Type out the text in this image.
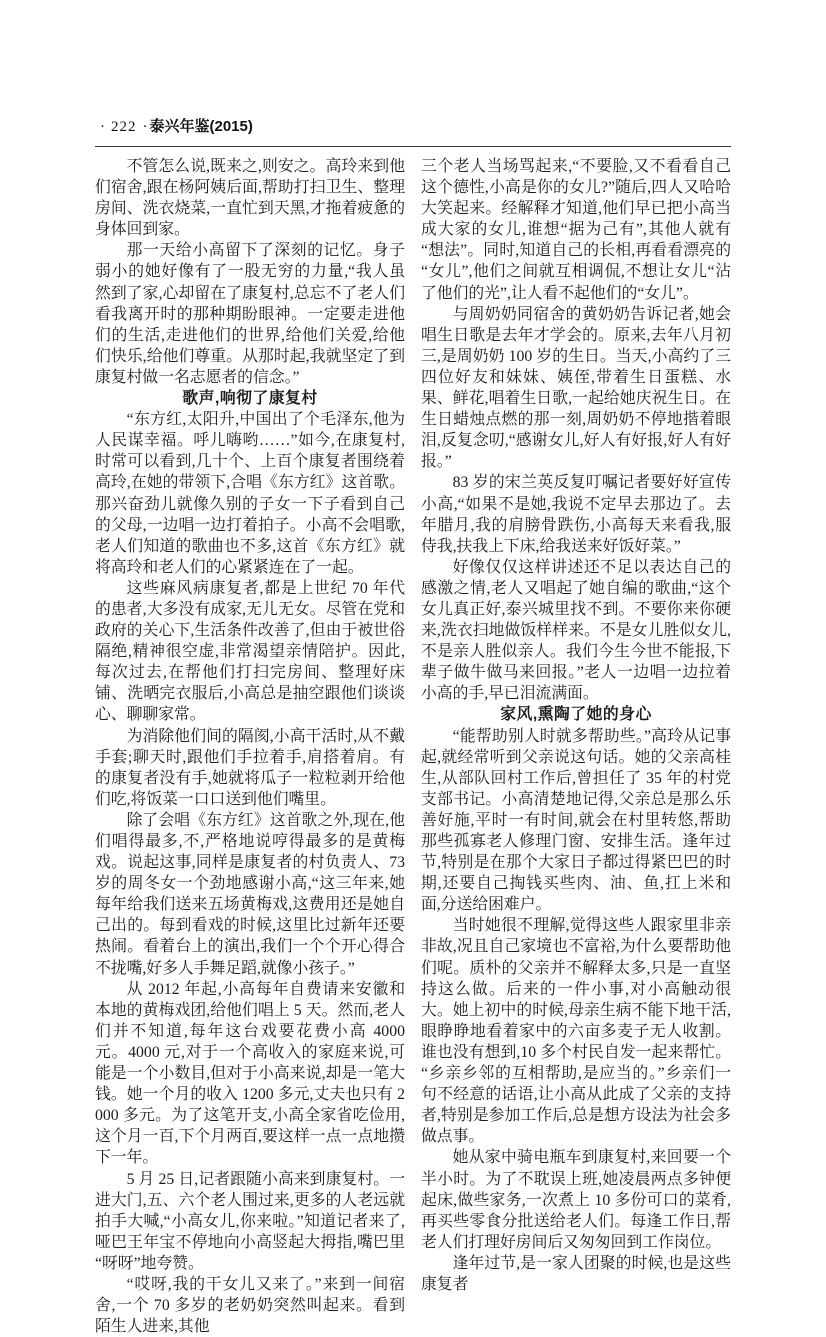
· 222 · 泰兴年鉴(2015)

不管怎么说,既来之,则安之。高玲来到他们宿舍,跟在杨阿姨后面,帮助打扫卫生、整理房间、洗衣烧菜,一直忙到天黑,才拖着疲惫的身体回到家。

那一天给小高留下了深刻的记忆。身子弱小的她好像有了一股无穷的力量,“我人虽然到了家,心却留在了康复村,总忘不了老人们看我离开时的那种期盼眼神。一定要走进他们的生活,走进他们的世界,给他们关爱,给他们快乐,给他们尊重。从那时起,我就坚定了到康复村做一名志愿者的信念。”

歌声,响彻了康复村

“东方红,太阳升,中国出了个毛泽东,他为人民谋幸福。呼儿嗨哟……”如今,在康复村,时常可以看到,几十个、上百个康复者围绕着高玲,在她的带领下,合唱《东方红》这首歌。那兴奋劲儿就像久别的子女一下子看到自己的父母,一边唱一边打着拍子。小高不会唱歌,老人们知道的歌曲也不多,这首《东方红》就将高玲和老人们的心紧紧连在了一起。

这些麻风病康复者,都是上世纪 70 年代的患者,大多没有成家,无儿无女。尽管在党和政府的关心下,生活条件改善了,但由于被世俗隔绝,精神很空虚,非常渴望亲情陪护。因此,每次过去,在帮他们打扫完房间、整理好床铺、洗晒完衣服后,小高总是抽空跟他们谈谈心、聊聊家常。

为消除他们间的隔阂,小高干活时,从不戴手套;聊天时,跟他们手拉着手,肩搭着肩。有的康复者没有手,她就将瓜子一粒粒剥开给他们吃,将饭菜一口口送到他们嘴里。

除了会唱《东方红》这首歌之外,现在,他们唱得最多,不,严格地说哼得最多的是黄梅戏。说起这事,同样是康复者的村负责人、73 岁的周冬女一个劲地感谢小高,“这三年来,她每年给我们送来五场黄梅戏,这费用还是她自己出的。每到看戏的时候,这里比过新年还要热闹。看着台上的演出,我们一个个开心得合不拢嘴,好多人手舞足蹈,就像小孩子。”

从 2012 年起,小高每年自费请来安徽和本地的黄梅戏团,给他们唱上 5 天。然而,老人们并不知道,每年这台戏要花费小高 4000 元。4000 元,对于一个高收入的家庭来说,可能是一个小数目,但对于小高来说,却是一笔大钱。她一个月的收入 1200 多元,丈夫也只有 2000 多元。为了这笔开支,小高全家省吃俭用,这个月一百,下个月两百,要这样一点一点地攒下一年。

5 月 25 日,记者跟随小高来到康复村。一进大门,五、六个老人围过来,更多的人老远就拍手大喊,“小高女儿,你来啦。”知道记者来了,哑巴王年宝不停地向小高竖起大拇指,嘴巴里“呀呀”地夸赞。

“哎呀,我的干女儿又来了。”来到一间宿舍,一个 70 多岁的老奶奶突然叫起来。看到陌生人进来,其他

三个老人当场骂起来,“不要脸,又不看看自己这个德性,小高是你的女儿?”随后,四人又哈哈大笑起来。经解释才知道,他们早已把小高当成大家的女儿,谁想“据为己有”,其他人就有“想法”。同时,知道自己的长相,再看看漂亮的“女儿”,他们之间就互相调侃,不想让女儿“沾了他们的光”,让人看不起他们的“女儿”。

与周奶奶同宿舍的黄奶奶告诉记者,她会唱生日歌是去年才学会的。原来,去年八月初三,是周奶奶 100 岁的生日。当天,小高约了三四位好友和妹妹、姨侄,带着生日蛋糕、水果、鲜花,唱着生日歌,一起给她庆祝生日。在生日蜡烛点燃的那一刻,周奶奶不停地揩着眼泪,反复念叨,“感谢女儿,好人有好报,好人有好报。”

83 岁的宋兰英反复叮嘱记者要好好宣传小高,“如果不是她,我说不定早去那边了。去年腊月,我的肩膀骨跌伤,小高每天来看我,服侍我,扶我上下床,给我送来好饭好菜。”

好像仅仅这样讲述还不足以表达自己的感激之情,老人又唱起了她自编的歌曲,“这个女儿真正好,泰兴城里找不到。不要你来你硬来,洗衣扫地做饭样样来。不是女儿胜似女儿,不是亲人胜似亲人。我们今生今世不能报,下辈子做牛做马来回报。”老人一边唱一边拉着小高的手,早已泪流满面。

家风,熏陶了她的身心

“能帮助别人时就多帮助些。”高玲从记事起,就经常听到父亲说这句话。她的父亲高桂生,从部队回村工作后,曾担任了 35 年的村党支部书记。小高清楚地记得,父亲总是那么乐善好施,平时一有时间,就会在村里转悠,帮助那些孤寡老人修理门窗、安排生活。逢年过节,特别是在那个大家日子都过得紧巴巴的时期,还要自己掏钱买些肉、油、鱼,扛上米和面,分送给困难户。

当时她很不理解,觉得这些人跟家里非亲非故,况且自己家境也不富裕,为什么要帮助他们呢。质朴的父亲并不解释太多,只是一直坚持这么做。后来的一件小事,对小高触动很大。她上初中的时候,母亲生病不能下地干活,眼睁睁地看着家中的六亩多麦子无人收割。谁也没有想到,10 多个村民自发一起来帮忙。“乡亲乡邻的互相帮助,是应当的。”乡亲们一句不经意的话语,让小高从此成了父亲的支持者,特别是参加工作后,总是想方设法为社会多做点事。

她从家中骑电瓶车到康复村,来回要一个半小时。为了不耽误上班,她凌晨两点多钟便起床,做些家务,一次煮上 10 多份可口的菜肴,再买些零食分批送给老人们。每逢工作日,帮老人们打理好房间后又匆匆回到工作岗位。

逢年过节,是一家人团聚的时候,也是这些康复者
